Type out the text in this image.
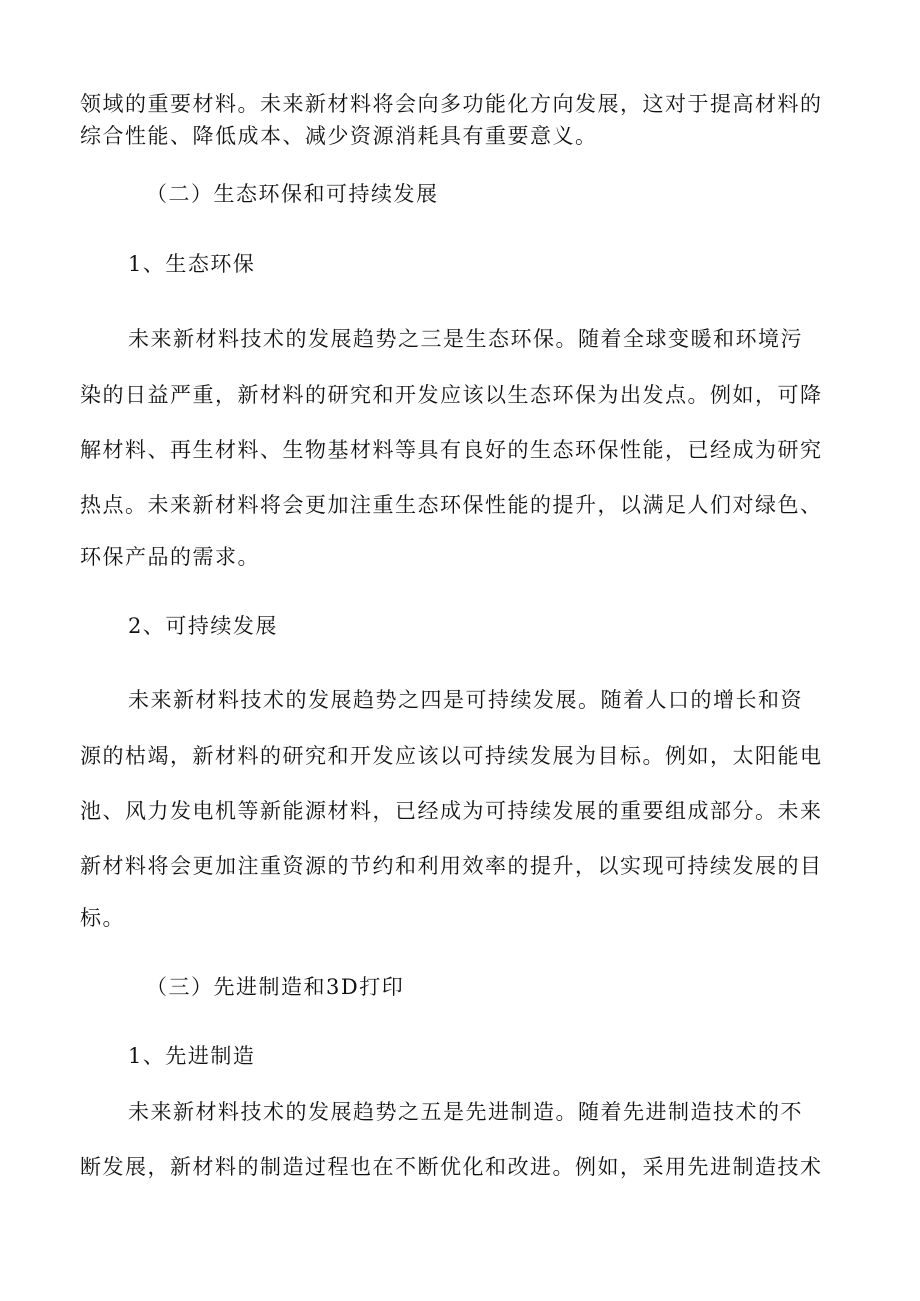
领域的重要材料。未来新材料将会向多功能化方向发展，这对于提高材料的
综合性能、降低成本、减少资源消耗具有重要意义。
（二）生态环保和可持续发展
1、生态环保
未来新材料技术的发展趋势之三是生态环保。随着全球变暖和环境污
染的日益严重，新材料的研究和开发应该以生态环保为出发点。例如，可降
解材料、再生材料、生物基材料等具有良好的生态环保性能，已经成为研究
热点。未来新材料将会更加注重生态环保性能的提升，以满足人们对绿色、
环保产品的需求。
2、可持续发展
未来新材料技术的发展趋势之四是可持续发展。随着人口的增长和资
源的枯竭，新材料的研究和开发应该以可持续发展为目标。例如，太阳能电
池、风力发电机等新能源材料，已经成为可持续发展的重要组成部分。未来
新材料将会更加注重资源的节约和利用效率的提升，以实现可持续发展的目
标。
（三）先进制造和3D打印
1、先进制造
未来新材料技术的发展趋势之五是先进制造。随着先进制造技术的不
断发展，新材料的制造过程也在不断优化和改进。例如，采用先进制造技术
